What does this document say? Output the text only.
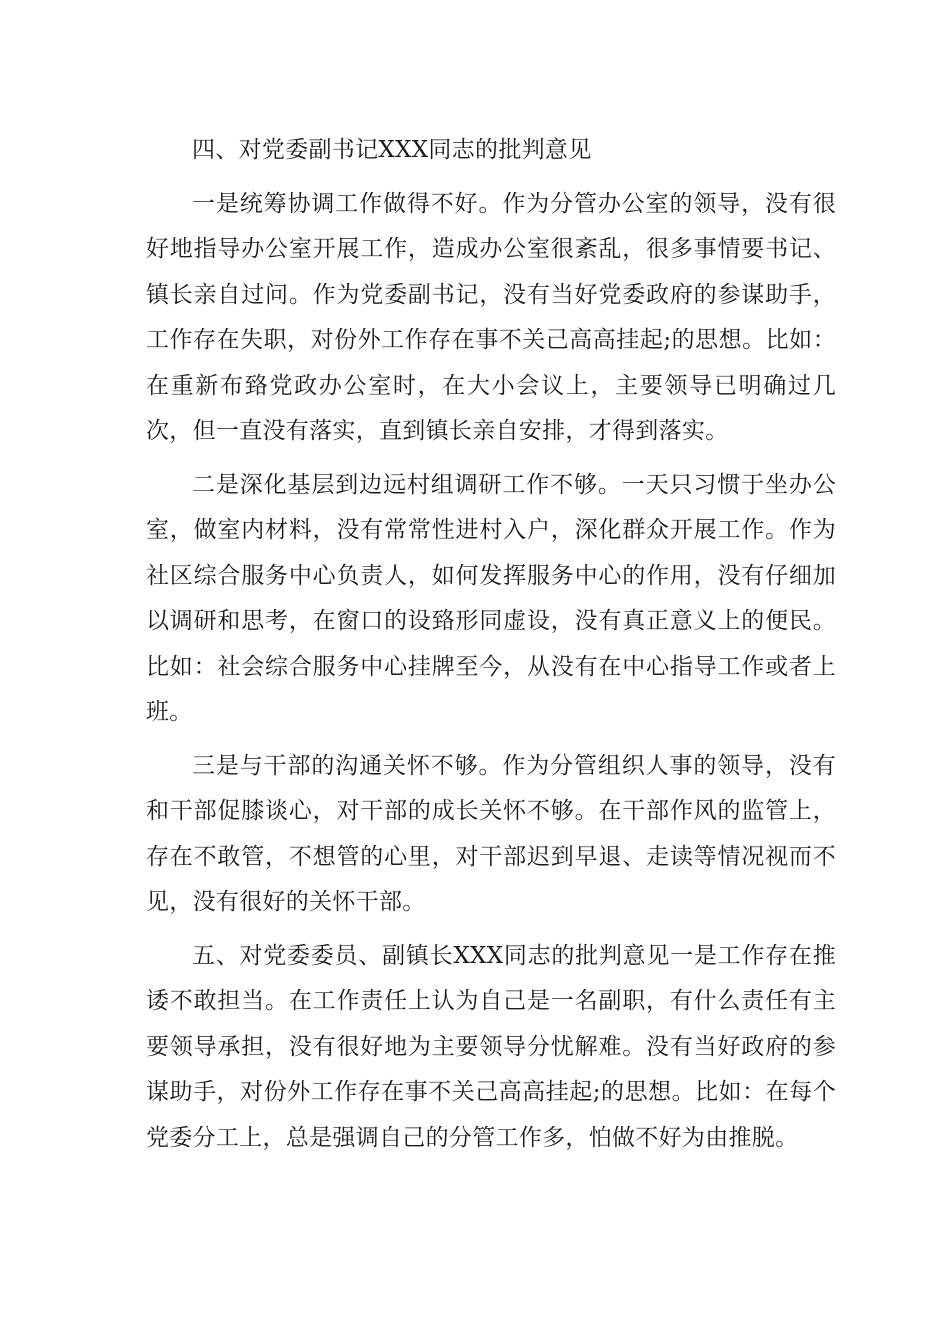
四、对党委副书记XXX同志的批判意见

一是统筹协调工作做得不好。作为分管办公室的领导，没有很好地指导办公室开展工作，造成办公室很紊乱，很多事情要书记、镇长亲自过问。作为党委副书记，没有当好党委政府的参谋助手，工作存在失职，对份外工作存在事不关己高高挂起;的思想。比如：在重新布臵党政办公室时，在大小会议上，主要领导已明确过几次，但一直没有落实，直到镇长亲自安排，才得到落实。

二是深化基层到边远村组调研工作不够。一天只习惯于坐办公室，做室内材料，没有常常性进村入户，深化群众开展工作。作为社区综合服务中心负责人，如何发挥服务中心的作用，没有仔细加以调研和思考，在窗口的设臵形同虚设，没有真正意义上的便民。比如：社会综合服务中心挂牌至今，从没有在中心指导工作或者上班。

三是与干部的沟通关怀不够。作为分管组织人事的领导，没有和干部促膝谈心，对干部的成长关怀不够。在干部作风的监管上，存在不敢管，不想管的心里，对干部迟到早退、走读等情况视而不见，没有很好的关怀干部。

五、对党委委员、副镇长XXX同志的批判意见一是工作存在推诿不敢担当。在工作责任上认为自己是一名副职，有什么责任有主要领导承担，没有很好地为主要领导分忧解难。没有当好政府的参谋助手，对份外工作存在事不关己高高挂起;的思想。比如：在每个党委分工上，总是强调自己的分管工作多，怕做不好为由推脱。
